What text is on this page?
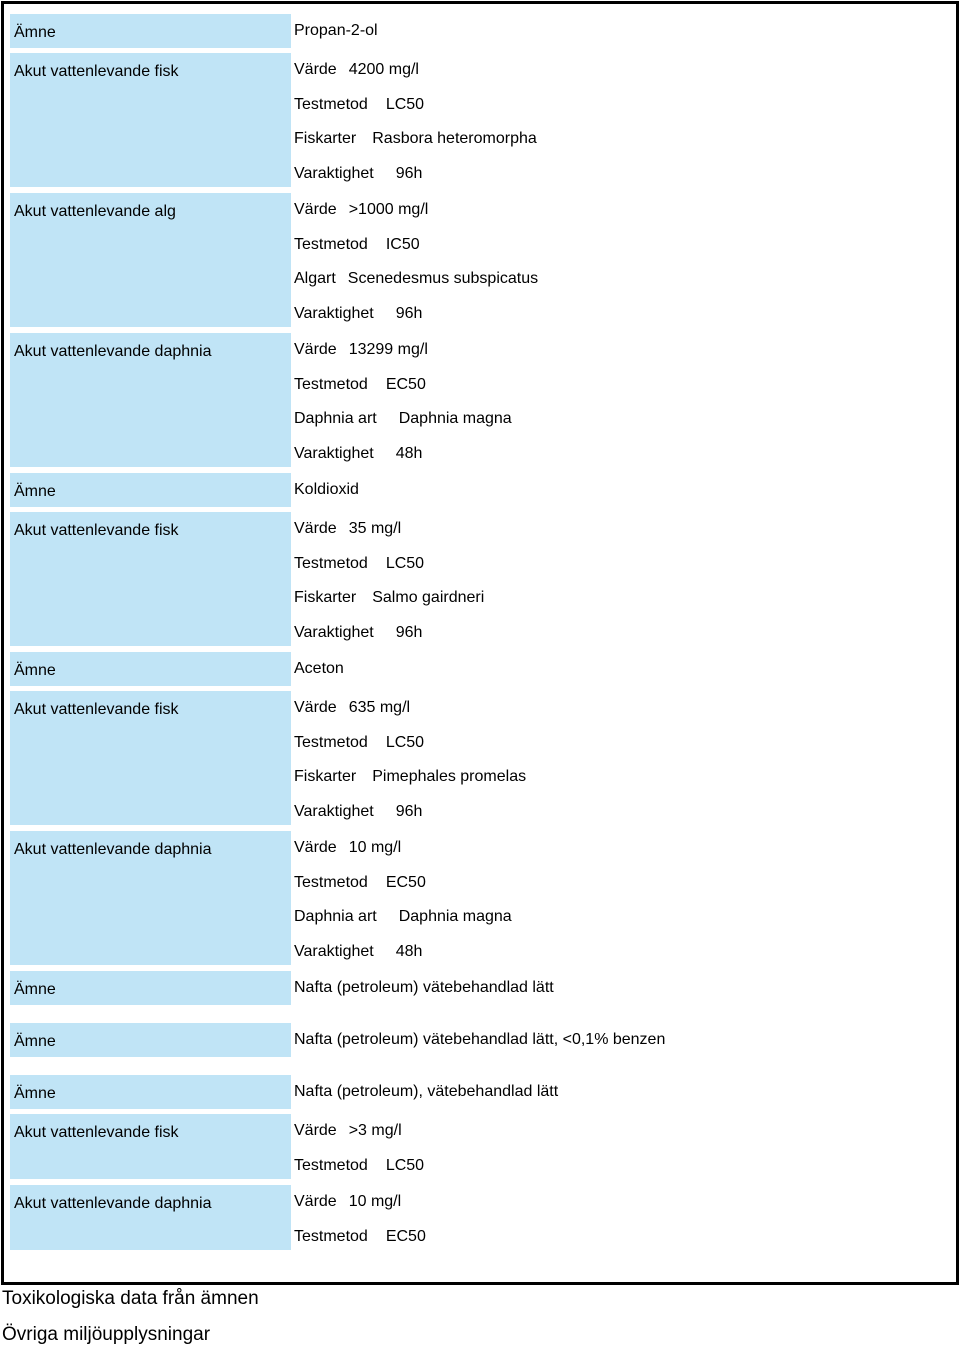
Ämne	Propan-2-ol
Akut vattenlevande fisk	Värde 4200 mg/l
Testmetod LC50
Fiskarter Rasbora heteromorpha
Varaktighet 96h
Akut vattenlevande alg	Värde >1000 mg/l
Testmetod IC50
Algart Scenedesmus subspicatus
Varaktighet 96h
Akut vattenlevande daphnia	Värde 13299 mg/l
Testmetod EC50
Daphnia art Daphnia magna
Varaktighet 48h
Ämne	Koldioxid
Akut vattenlevande fisk	Värde 35 mg/l
Testmetod LC50
Fiskarter Salmo gairdneri
Varaktighet 96h
Ämne	Aceton
Akut vattenlevande fisk	Värde 635 mg/l
Testmetod LC50
Fiskarter Pimephales promelas
Varaktighet 96h
Akut vattenlevande daphnia	Värde 10 mg/l
Testmetod EC50
Daphnia art Daphnia magna
Varaktighet 48h
Ämne	Nafta (petroleum) vätebehandlad lätt
Ämne	Nafta (petroleum) vätebehandlad lätt, <0,1% benzen
Ämne	Nafta (petroleum), vätebehandlad lätt
Akut vattenlevande fisk	Värde >3 mg/l
Testmetod LC50
Akut vattenlevande daphnia	Värde 10 mg/l
Testmetod EC50
Toxikologiska data från ämnen
Övriga miljöupplysningar
